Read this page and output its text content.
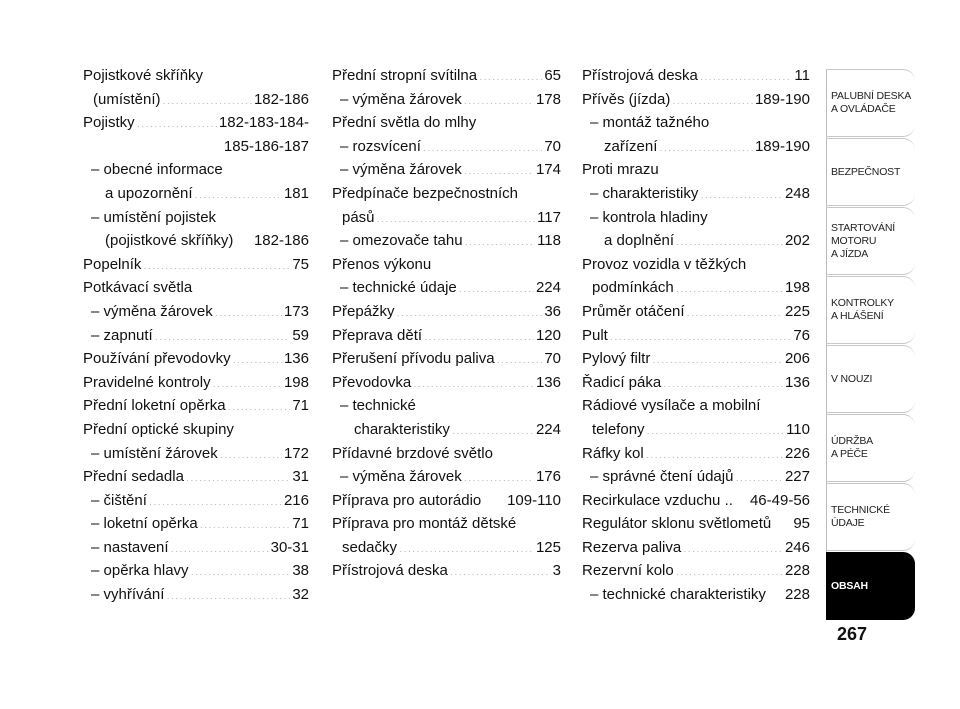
Pojistkové skříňky
(umístění) .....	182-186
Pojistky .....	182-183-184-
185-186-187
– obecné informace
a upozornění .....	181
– umístění pojistek
(pojistkové skříňky) 182-186
Popelník .....	75
Potkávací světla
– výměna žárovek .....	173
– zapnutí .....	59
Používání převodovky .....	136
Pravidelné kontroly .....	198
Přední loketní opěrka .....	71
Přední optické skupiny
– umístění žárovek .....	172
Přední sedadla .....	31
– čištění .....	216
– loketní opěrka .....	71
– nastavení .....	30-31
– opěrka hlavy .....	38
– vyhřívání .....	32
Přední stropní svítilna .....	65
– výměna žárovek .....	178
Přední světla do mlhy
– rozsvícení .....	70
– výměna žárovek .....	174
Předpínače bezpečnostních
pásů .....	117
– omezovače tahu .....	118
Přenos výkonu
– technické údaje .....	224
Přepážky .....	36
Přeprava dětí .....	120
Přerušení přívodu paliva .....	70
Převodovka .....	136
– technické
charakteristiky .....	224
Přídavné brzdové světlo
– výměna žárovek .....	176
Příprava pro autorádio 109-110
Příprava pro montáž dětské
sedačky .....	125
Přístrojová deska .....	3
Přístrojová deska .....	11
Přívěs (jízda) .....	189-190
– montáž tažného
zařízení .....	189-190
Proti mrazu
– charakteristiky .....	248
– kontrola hladiny
a doplnění .....	202
Provoz vozidla v těžkých
podmínkách .....	198
Průměr otáčení .....	225
Pult .....	76
Pylový filtr .....	206
Řadicí páka .....	136
Rádiové vysílače a mobilní
telefony .....	110
Ráfky kol .....	226
– správné čtení údajů .....	227
Recirkulace vzduchu .. 46-49-56
Regulátor sklonu světlometů 95
Rezerva paliva .....	246
Rezervní kolo .....	228
– technické charakteristiky 228
PALUBNÍ DESKA
A OVLÁDAČE
BEZPEČNOST
STARTOVÁNÍ
MOTORU
A JÍZDA
KONTROLKY
A HLÁŠENÍ
V NOUZI
ÚDRŽBA
A PÉČE
TECHNICKÉ
ÚDAJE
OBSAH
267
